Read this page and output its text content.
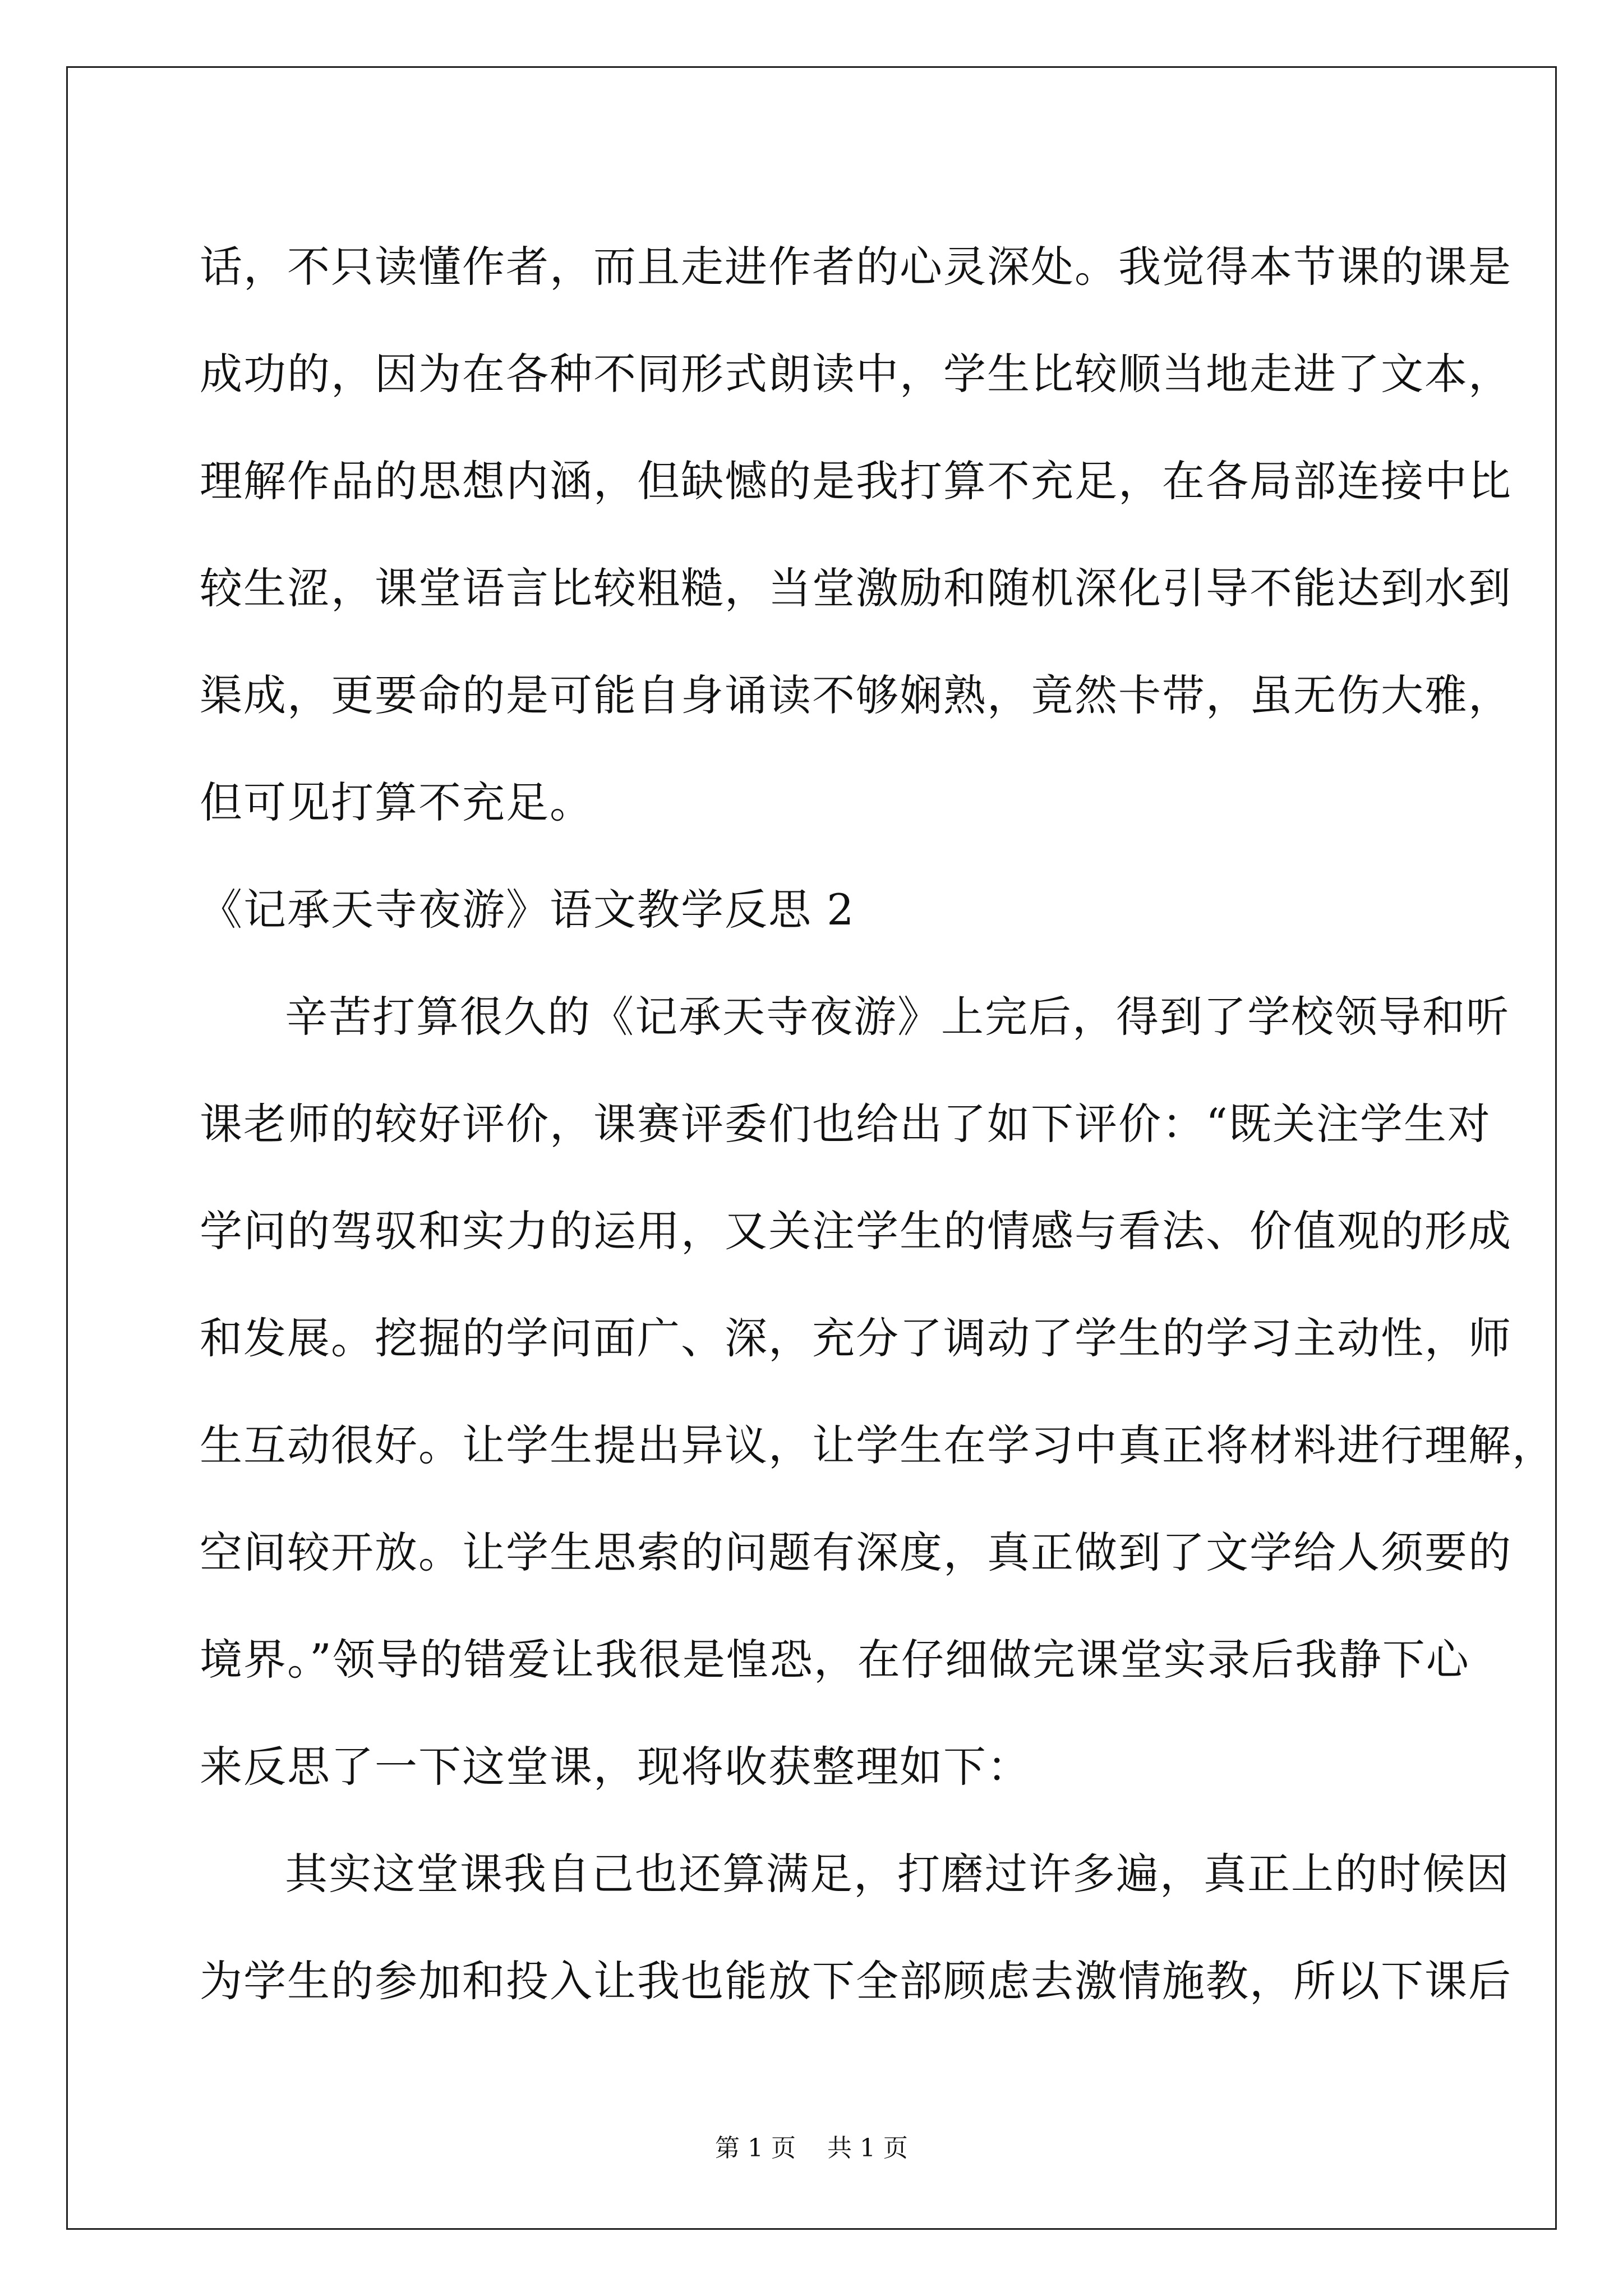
话，不只读懂作者，而且走进作者的心灵深处。我觉得本节课的课是
成功的，因为在各种不同形式朗读中，学生比较顺当地走进了文本，
理解作品的思想内涵，但缺憾的是我打算不充足，在各局部连接中比
较生涩，课堂语言比较粗糙，当堂激励和随机深化引导不能达到水到
渠成，更要命的是可能自身诵读不够娴熟，竟然卡带，虽无伤大雅，
但可见打算不充足。
《记承天寺夜游》语文教学反思 2
辛苦打算很久的《记承天寺夜游》上完后，得到了学校领导和听
课老师的较好评价，课赛评委们也给出了如下评价：“既关注学生对
学问的驾驭和实力的运用，又关注学生的情感与看法、价值观的形成
和发展。挖掘的学问面广、深，充分了调动了学生的学习主动性，师
生互动很好。让学生提出异议，让学生在学习中真正将材料进行理解，
空间较开放。让学生思索的问题有深度，真正做到了文学给人须要的
境界。”领导的错爱让我很是惶恐，在仔细做完课堂实录后我静下心
来反思了一下这堂课，现将收获整理如下：
其实这堂课我自己也还算满足，打磨过许多遍，真正上的时候因
为学生的参加和投入让我也能放下全部顾虑去激情施教，所以下课后
第 1 页    共 1 页
